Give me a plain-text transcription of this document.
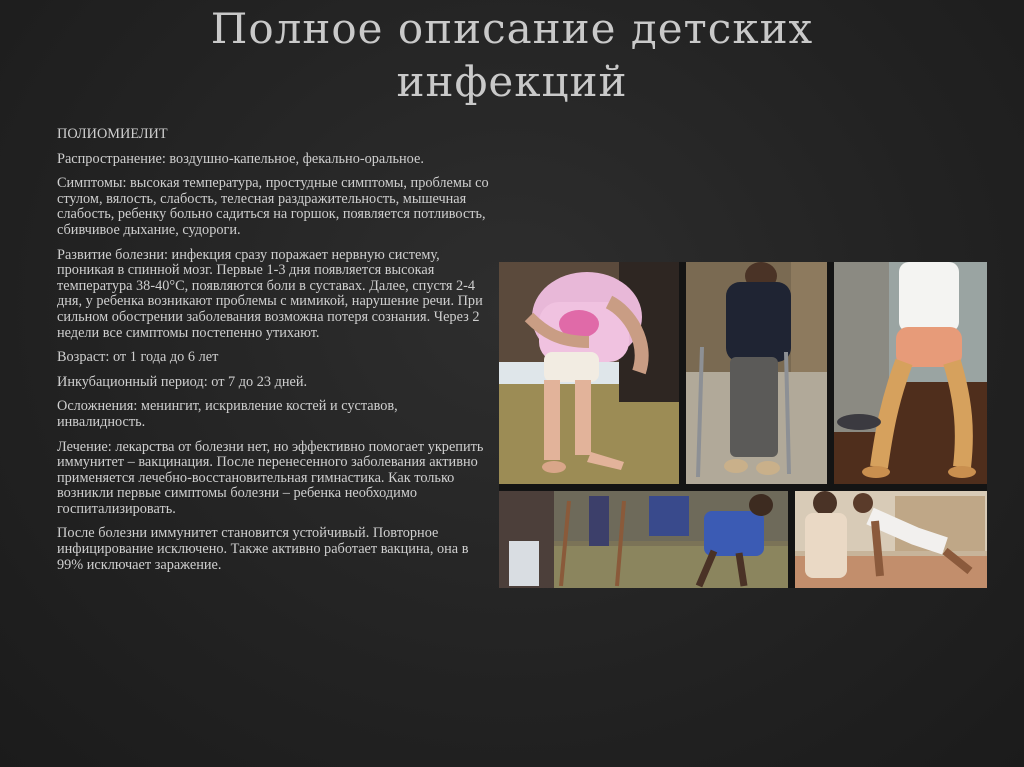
Полное описание детских
инфекций

ПОЛИОМИЕЛИТ

Распространение: воздушно-капельное, фекально-оральное.

Симптомы: высокая температура, простудные симптомы, проблемы со стулом, вялость, слабость, телесная раздражительность, мышечная слабость, ребенку больно садиться на горшок, появляется потливость, сбивчивое дыхание, судороги.

Развитие болезни: инфекция сразу поражает нервную систему, проникая в спинной мозг. Первые 1-3 дня появляется высокая температура 38-40°C, появляются боли в суставах. Далее, спустя 2-4 дня, у ребенка возникают проблемы с мимикой, нарушение речи. При сильном обострении заболевания возможна потеря сознания. Через 2 недели все симптомы постепенно утихают.

Возраст: от 1 года до 6 лет

Инкубационный период: от 7 до 23 дней.

Осложнения: менингит, искривление костей и суставов, инвалидность.

Лечение: лекарства от болезни нет, но эффективно помогает укрепить иммунитет – вакцинация. После перенесенного заболевания активно применяется лечебно-восстановительная гимнастика. Как только возникли первые симптомы болезни – ребенка необходимо госпитализировать.

После болезни иммунитет становится устойчивый. Повторное инфицирование исключено. Также активно работает вакцина, она в 99% исключает заражение.
